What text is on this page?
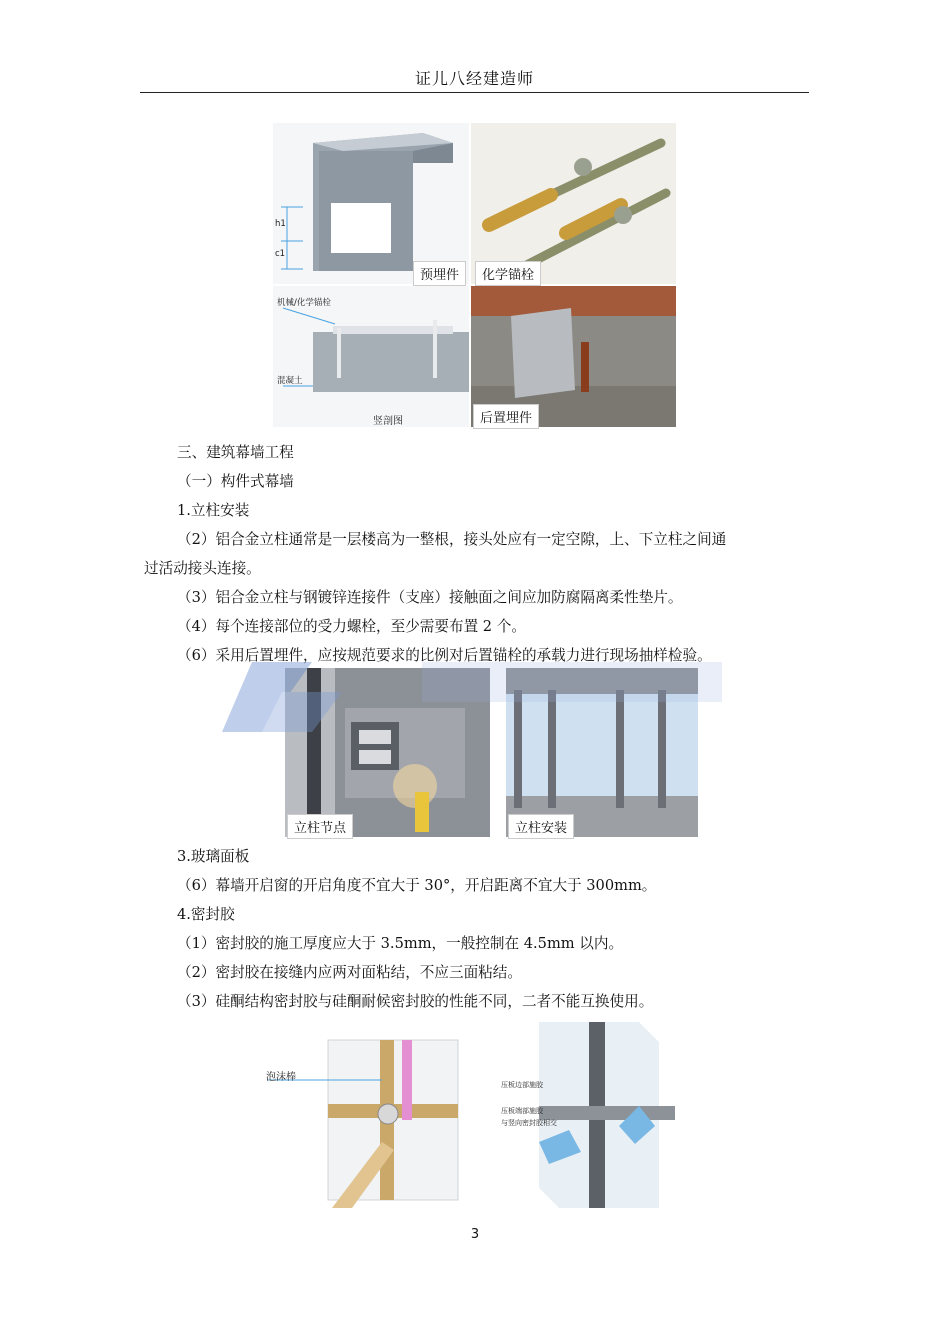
证儿八经建造师
h1
c1
预埋件	化学锚栓
机械/化学锚栓
混凝土
竖剖图	后置埋件
三、建筑幕墙工程
（一）构件式幕墙
1.立柱安装
（2）铝合金立柱通常是一层楼高为一整根，接头处应有一定空隙，上、下立柱之间通
过活动接头连接。
（3）铝合金立柱与钢镀锌连接件（支座）接触面之间应加防腐隔离柔性垫片。
（4）每个连接部位的受力螺栓，至少需要布置 2 个。
（6）采用后置埋件，应按规范要求的比例对后置锚栓的承载力进行现场抽样检验。
立柱节点	立柱安装
3.玻璃面板
（6）幕墙开启窗的开启角度不宜大于 30°，开启距离不宜大于 300mm。
4.密封胶
（1）密封胶的施工厚度应大于 3.5mm，一般控制在 4.5mm 以内。
（2）密封胶在接缝内应两对面粘结，不应三面粘结。
（3）硅酮结构密封胶与硅酮耐候密封胶的性能不同，二者不能互换使用。
泡沫棒
压板边部施胶
压板端部施胶
与竖向密封胶相交
3
